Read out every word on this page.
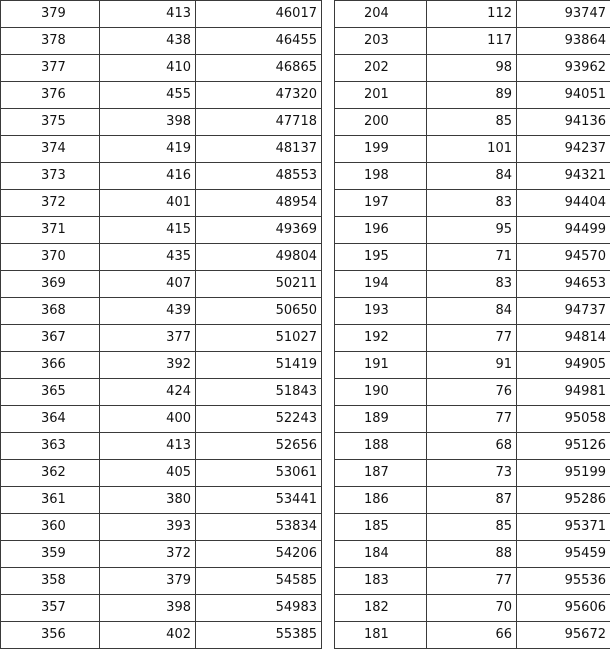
379	413	46017
378	438	46455
377	410	46865
376	455	47320
375	398	47718
374	419	48137
373	416	48553
372	401	48954
371	415	49369
370	435	49804
369	407	50211
368	439	50650
367	377	51027
366	392	51419
365	424	51843
364	400	52243
363	413	52656
362	405	53061
361	380	53441
360	393	53834
359	372	54206
358	379	54585
357	398	54983
356	402	55385
204	112	93747
203	117	93864
202	98	93962
201	89	94051
200	85	94136
199	101	94237
198	84	94321
197	83	94404
196	95	94499
195	71	94570
194	83	94653
193	84	94737
192	77	94814
191	91	94905
190	76	94981
189	77	95058
188	68	95126
187	73	95199
186	87	95286
185	85	95371
184	88	95459
183	77	95536
182	70	95606
181	66	95672
